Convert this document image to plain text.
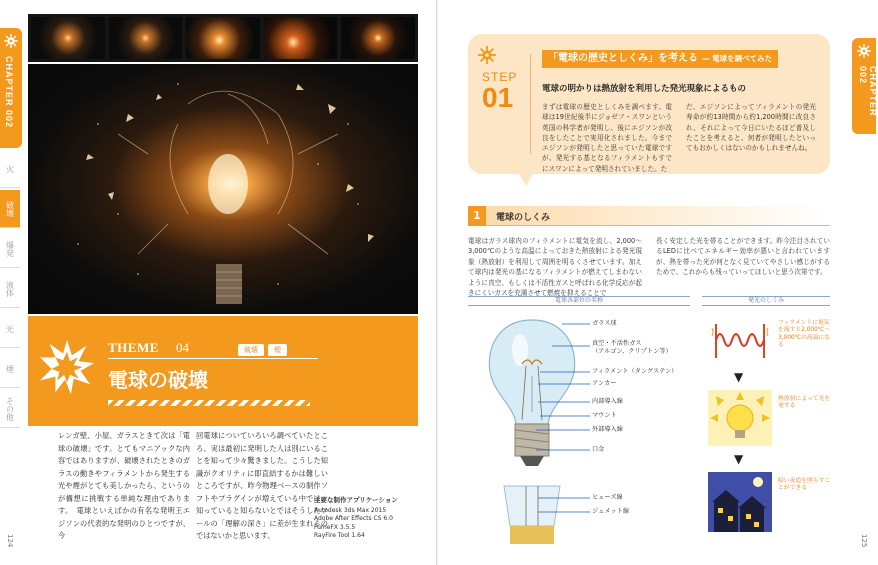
CHAPTER 002
火
破壊
爆発
液体
光
煙
その他
124
THEME 04	破壊	煙
電球の破壊
レンガ壁、小屋、ガラスときて次は「電球の破壊」です。とてもマニアックな内容ではありますが、破壊されたときのガラスの動きやフィラメントから発生する光や煙がとても美しかったら、というのが構想に挑戦する単純な理由であります。　電球といえばかの有名な発明王エジソンの代表的な発明のひとつですが、今
回電球についていろいろ調べていたところ、実は最初に発明した人は別にいることを知って少々驚きました。こうした知識がクオリティに即直結するかは難しいところですが、昨今物理ベースの制作ソフトやプラグインが増えている中では、知っていると知らないとではそうしたツールの「理解の深さ」に差が生まれるのではないかと思います。
主要な制作アプリケーション
Autodesk 3ds Max 2015
Adobe After Effects CS 6.0
FumeFX 3.5.5
RayFire Tool 1.64
CHAPTER 002
125
STEP
01
「電球の歴史としくみ」を考える — 電球を調べてみた
電球の明かりは熱放射を利用した発光現象によるもの
まずは電球の歴史としくみを調べます。電球は19世紀後半にジョゼフ・スワンという英国の科学者が発明し、後にエジソンが改良をしたことで実用化されました。今までエジソンが発明したと思っていた電球ですが、発光する基となるフィラメントもすでにスワンによって発明されていました。た
だ、エジソンによってフィラメントの発光寿命が約13時間から約1,200時間に改良され、それによって今日にいたるほど普及したことを考えると、何者が発明したといってもおかしくはないのかもしれませんね。
1	電球のしくみ
電球はガラス球内のフィラメントに電気を流し、2,000〜3,000℃のような高温によっておきた熱放射による発光現象（熱放射）を利用して周囲を明るくさせています。加えて球内は発光の基になるフィラメントが燃えてしまわないように真空、もしくは不活性ガスと呼ばれる化学反応が起きにくいガスを充満させて燃焼を抑えることで
長く安定した光を帯ることができます。昨今注目されているLEDに比べてエネルギー効率が悪いと言われていますが、熱を帯った光が何となく見ていてやさしい感じがするためで、これからも残っていってほしいと思う次第です。
電球各部位の名称	発光のしくみ
ガラス球
真空・不活性ガス
（アルゴン、クリプトン等）
フィラメント（タングステン）
アンカー
内部導入線
マウント
外部導入線
口金
ヒューズ線
ジュメット線
フィラメントに電気を流すと2,000℃〜3,000℃の高温になる
▼
熱放射によって光を発する
▼
暗い夜道を照らすことができる
